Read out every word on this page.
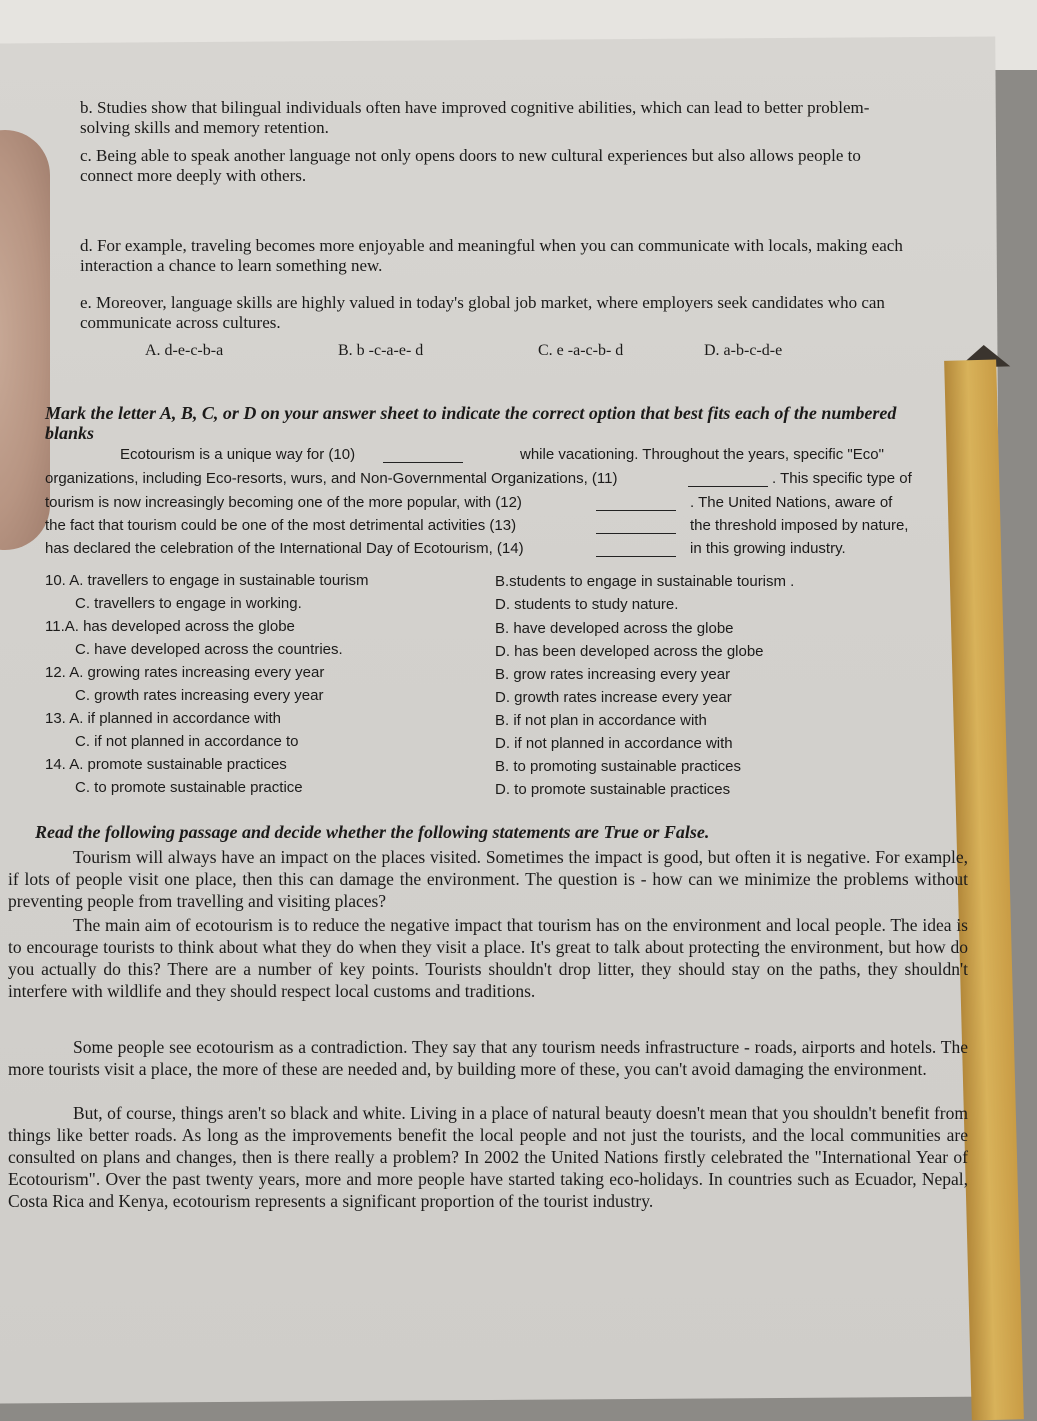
b. Studies show that bilingual individuals often have improved cognitive abilities, which can lead to better problem-solving skills and memory retention.

c. Being able to speak another language not only opens doors to new cultural experiences but also allows people to connect more deeply with others.

d. For example, traveling becomes more enjoyable and meaningful when you can communicate with locals, making each interaction a chance to learn something new.

e. Moreover, language skills are highly valued in today's global job market, where employers seek candidates who can communicate across cultures.

A. d-e-c-b-a	B. b -c-a-e- d	C. e -a-c-b- d	D. a-b-c-d-e
Mark the letter A, B, C, or D on your answer sheet to indicate the correct option that best fits each of the numbered blanks
Ecotourism is a unique way for (10)	while vacationing. Throughout the years, specific "Eco"
organizations, including Eco-resorts, wurs, and Non-Governmental Organizations, (11)	. This specific type of
tourism is now increasingly becoming one of the more popular, with (12)	. The United Nations, aware of
the fact that tourism could be one of the most detrimental activities (13)	the threshold imposed by nature,
has declared the celebration of the International Day of Ecotourism, (14)	in this growing industry.
10. A. travellers to engage in sustainable tourism	B.students to engage in sustainable tourism .
C. travellers to engage in working.	D. students to study nature.
11.A. has developed across the globe	B. have developed across the globe
C. have developed across the countries.	D. has been developed across the globe
12. A. growing rates increasing every year	B. grow rates increasing every year
C. growth rates increasing every year	D. growth rates increase every year
13. A. if planned in accordance with	B. if not plan in accordance with
C. if not planned in accordance to	D. if not planned in accordance with
14. A. promote sustainable practices	B. to promoting sustainable practices
C. to promote sustainable practice	D. to promote sustainable practices
Read the following passage and decide whether the following statements are True or False.

Tourism will always have an impact on the places visited. Sometimes the impact is good, but often it is negative. For example, if lots of people visit one place, then this can damage the environment. The question is - how can we minimize the problems without preventing people from travelling and visiting places?

The main aim of ecotourism is to reduce the negative impact that tourism has on the environment and local people. The idea is to encourage tourists to think about what they do when they visit a place. It's great to talk about protecting the environment, but how do you actually do this? There are a number of key points. Tourists shouldn't drop litter, they should stay on the paths, they shouldn't interfere with wildlife and they should respect local customs and traditions.

Some people see ecotourism as a contradiction. They say that any tourism needs infrastructure - roads, airports and hotels. The more tourists visit a place, the more of these are needed and, by building more of these, you can't avoid damaging the environment.

But, of course, things aren't so black and white. Living in a place of natural beauty doesn't mean that you shouldn't benefit from things like better roads. As long as the improvements benefit the local people and not just the tourists, and the local communities are consulted on plans and changes, then is there really a problem? In 2002 the United Nations firstly celebrated the "International Year of Ecotourism". Over the past twenty years, more and more people have started taking eco-holidays. In countries such as Ecuador, Nepal, Costa Rica and Kenya, ecotourism represents a significant proportion of the tourist industry.
